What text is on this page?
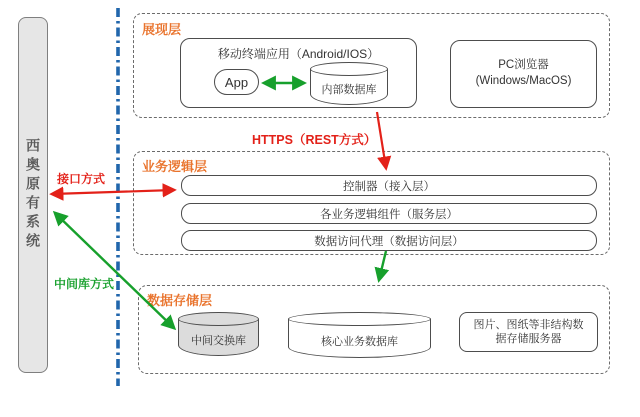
西奥原有系统
展现层
移动终端应用（Android/IOS）
App
内部数据库
PC浏览器
(Windows/MacOS)
HTTPS（REST方式）
接口方式
中间库方式
控制器（接入层）
各业务逻辑组件（服务层）
数据访问代理（数据访问层）
业务逻辑层
数据存储层
中间交换库	核心业务数据库
图片、图纸等非结构数据存储服务器
